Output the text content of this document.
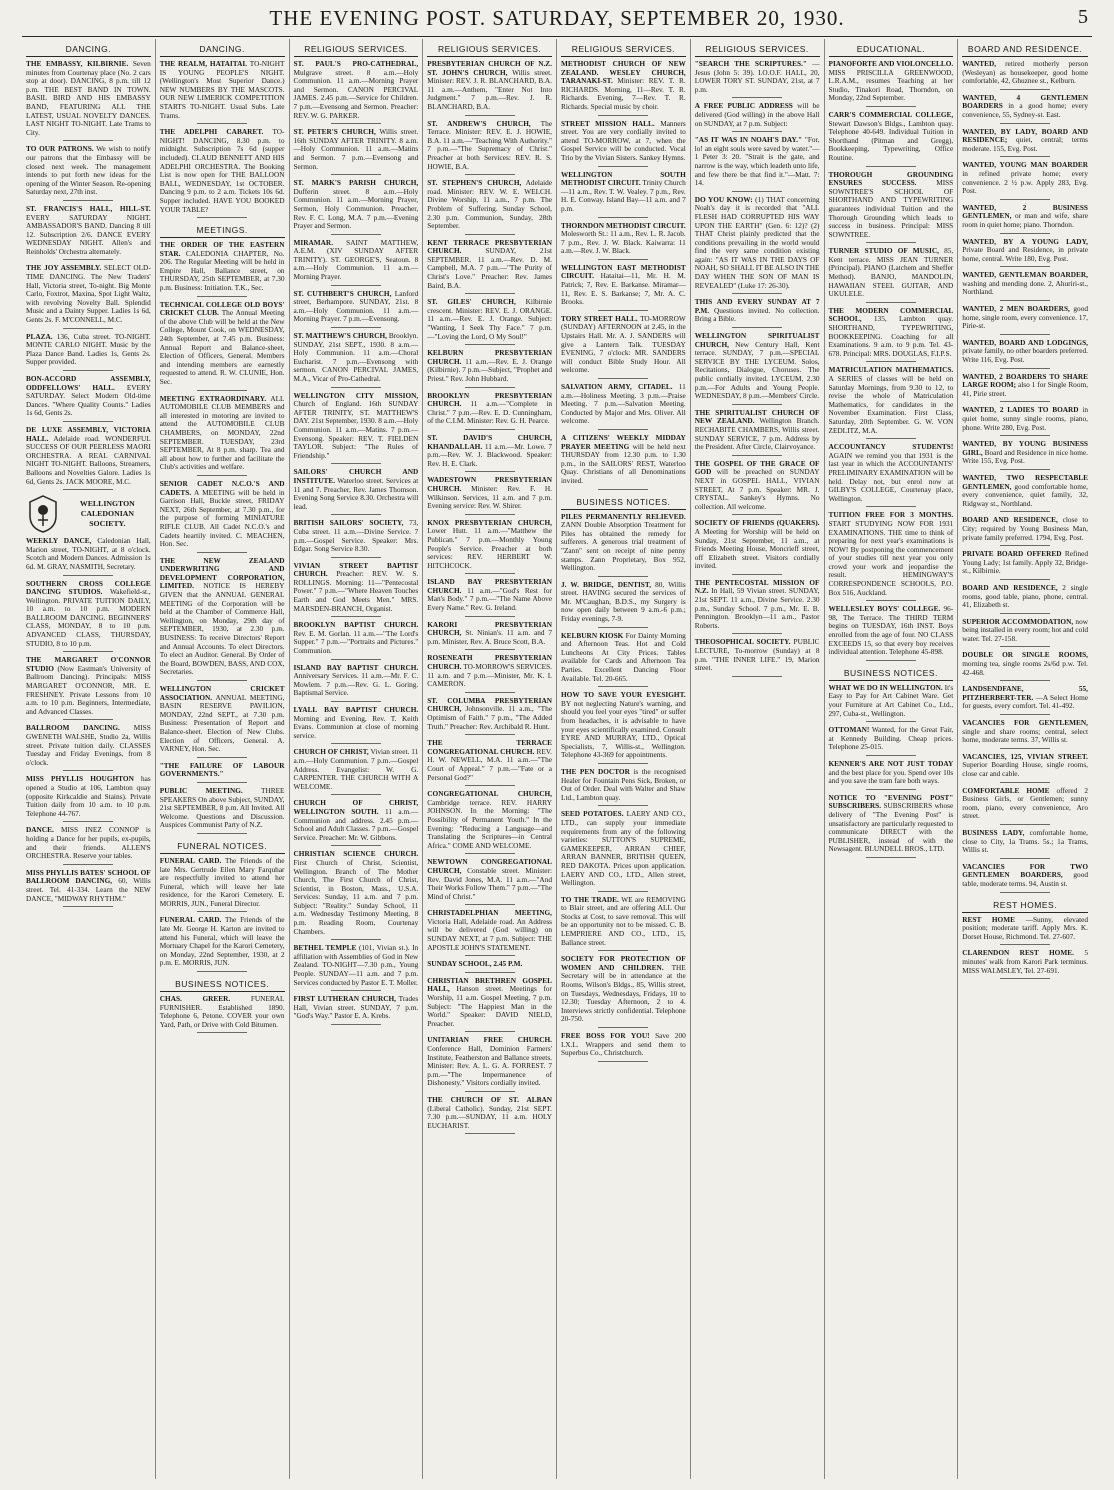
THE EVENING POST. SATURDAY, SEPTEMBER 20, 1930.	5
DANCING.
THE EMBASSY, KILBIRNIE. Seven minutes from Courtenay place (No. 2 cars stop at door). DANCING, 8 p.m. till 12 p.m. THE BEST BAND IN TOWN. BASIL BIRD AND HIS EMBASSY BAND, FEATURING ALL THE LATEST, USUAL NOVELTY DANCES. LAST NIGHT TO-NIGHT. Late Trams to City.
TO OUR PATRONS. We wish to notify our patrons that the Embassy will be closed next week. The management intends to put forth new ideas for the opening of the Winter Season. Re-opening Saturday next, 27th inst.
ST. FRANCIS'S HALL, HILL-ST. EVERY SATURDAY NIGHT. AMBASSADOR'S BAND. Dancing 8 till 12. Subscription 2/6. DANCE EVERY WEDNESDAY NIGHT. Allen's and Reinholds' Orchestra alternately.
THE JOY ASSEMBLY. SELECT OLD-TIME DANCING. The New Traders' Hall, Victoria street, To-night. Big Monte Carlo, Foxtrot, Maxina, Spot Light Waltz, with revolving Novelty Ball. Splendid Music and a Dainty Supper. Ladies 1s 6d, Gents 2s. F. M'CONNELL, M.C.
PLAZA. 136, Cuba street. TO-NIGHT. MONTE CARLO NIGHT. Music by the Plaza Dance Band. Ladies 1s, Gents 2s. Supper provided.
BON-ACCORD ASSEMBLY, ODDFELLOWS' HALL. EVERY SATURDAY. Select Modern Old-time Dances. "Where Quality Counts." Ladies 1s 6d, Gents 2s.
DE LUXE ASSEMBLY, VICTORIA HALL. Adelaide road. WONDERFUL SUCCESS OF OUR PEERLESS MAORI ORCHESTRA. A REAL CARNIVAL NIGHT TO-NIGHT. Balloons, Streamers, Balloons and Novelties Galore. Ladies 1s 6d, Gents 2s. JACK MOORE, M.C.
WELLINGTON CALEDONIAN SOCIETY.
WEEKLY DANCE, Caledonian Hall, Marion street, TO-NIGHT, at 8 o'clock. Scotch and Modern Dances. Admission 1s 6d. M. GRAY, NASMITH, Secretary.
SOUTHERN CROSS COLLEGE DANCING STUDIOS. Wakefield-st., Wellington. PRIVATE TUITION DAILY, 10 a.m. to 10 p.m. MODERN BALLROOM DANCING. BEGINNERS' CLASS, MONDAY, 8 to 10 p.m. ADVANCED CLASS, THURSDAY, STUDIO, 8 to 10 p.m.
THE MARGARET O'CONNOR STUDIO (Now Eastman's University of Ballroom Dancing). Principals: MISS MARGARET O'CONNOR, MR. E. FRESHNEY. Private Lessons from 10 a.m. to 10 p.m. Beginners, Intermediate, and Advanced Classes.
BALLROOM DANCING. MISS GWENETH WALSHE, Studio 2a, Willis street. Private tuition daily. CLASSES Tuesday and Friday Evenings, from 8 o'clock.
MISS PHYLLIS HOUGHTON has opened a Studio at 106, Lambton quay (opposite Kirkcaldie and Stains). Private Tuition daily from 10 a.m. to 10 p.m. Telephone 44-767.
DANCE. MISS INEZ CONNOP is holding a Dance for her pupils, ex-pupils, and their friends. ALLEN'S ORCHESTRA. Reserve your tables.
MISS PHYLLIS BATES' SCHOOL OF BALLROOM DANCING, 60, Willis street. Tel. 41-334. Learn the NEW DANCE, "MIDWAY RHYTHM."
DANCING.
THE REALM, HATAITAI. TO-NIGHT IS YOUNG PEOPLE'S NIGHT. (Wellington's Most Superior Dance.) NEW NUMBERS BY THE MASCOTS. OUR NEW LIMERICK COMPETITION STARTS TO-NIGHT. Usual Subs. Late Trams.
THE ADELPHI CABARET. TO-NIGHT! DANCING, 8.30 p.m. to midnight. Subscription 7s 6d (supper included). CLAUD BENNETT AND HIS ADELPHI ORCHESTRA. The Booking List is now open for THE BALLOON BALL, WEDNESDAY, 1st OCTOBER. Dancing 9 p.m. to 2 a.m. Tickets 10s 6d. Supper included. HAVE YOU BOOKED YOUR TABLE?
MEETINGS.
THE ORDER OF THE EASTERN STAR. CALEDONIA CHAPTER, No. 206. The Regular Meeting will be held in Empire Hall, Ballance street, on THURSDAY, 25th SEPTEMBER, at 7.30 p.m. Business: Initiation. T.K., Sec.
TECHNICAL COLLEGE OLD BOYS' CRICKET CLUB. The Annual Meeting of the above Club will be held at the New College, Mount Cook, on WEDNESDAY, 24th September, at 7.45 p.m. Business: Annual Report and Balance-sheet, Election of Officers, General. Members and intending members are earnestly requested to attend. R. W. CLUNIE, Hon. Sec.
MEETING EXTRAORDINARY. ALL AUTOMOBILE CLUB MEMBERS and all interested in motoring are invited to attend the AUTOMOBILE CLUB CHAMBERS, on MONDAY, 22nd SEPTEMBER. TUESDAY, 23rd SEPTEMBER, At 8 p.m. sharp. Tea and all about how to further and facilitate the Club's activities and welfare.
SENIOR CADET N.C.O.'S AND CADETS. A MEETING will be held in Garrison Hall, Buckle street, FRIDAY NEXT, 26th September, at 7.30 p.m., for the purpose of forming MINIATURE RIFLE CLUB. All Cadet N.C.O.'s and Cadets heartily invited. C. MEACHEN, Hon. Sec.
THE NEW ZEALAND UNDERWRITING AND DEVELOPMENT CORPORATION, LIMITED. NOTICE IS HEREBY GIVEN that the ANNUAL GENERAL MEETING of the Corporation will be held at the Chamber of Commerce Hall, Wellington, on Monday, 29th day of SEPTEMBER, 1930, at 2.30 p.m. BUSINESS: To receive Directors' Report and Annual Accounts. To elect Directors. To elect an Auditor. General. By Order of the Board, BOWDEN, BASS, AND COX, Secretaries.
WELLINGTON CRICKET ASSOCIATION. ANNUAL MEETING, BASIN RESERVE PAVILION, MONDAY, 22nd SEPT., at 7.30 p.m. Business: Presentation of Report and Balance-sheet. Election of New Clubs. Election of Officers, General. A. VARNEY, Hon. Sec.
"THE FAILURE OF LABOUR GOVERNMENTS."
PUBLIC MEETING. THREE SPEAKERS On above Subject, SUNDAY, 21st SEPTEMBER, 8 p.m. All Invited. All Welcome. Questions and Discussion. Auspices Communist Party of N.Z.
FUNERAL NOTICES.
FUNERAL CARD. The Friends of the late Mrs. Gertrude Ellen Mary Farquhar are respectfully invited to attend her Funeral, which will leave her late residence, for the Karori Cemetery. E. MORRIS, JUN., Funeral Director.
FUNERAL CARD. The Friends of the late Mr. George H. Karton are invited to attend his Funeral, which will leave the Mortuary Chapel for the Karori Cemetery, on Monday, 22nd September, 1930, at 2 p.m. E. MORRIS, JUN.
BUSINESS NOTICES.
CHAS. GREER.	FUNERAL FURNISHER. Established 1890. Telephone 6, Petone. COVER your own Yard, Path, or Drive with Cold Bitumen.
RELIGIOUS SERVICES.
ST. PAUL'S PRO-CATHEDRAL, Mulgrave street. 8 a.m.—Holy Communion. 11 a.m.—Morning Prayer and Sermon. CANON PERCIVAL JAMES. 2.45 p.m.—Service for Children. 7 p.m.—Evensong and Sermon. Preacher: REV. W. G. PARKER.
ST. PETER'S CHURCH, Willis street. 16th SUNDAY AFTER TRINITY. 8 a.m.—Holy Communion. 11 a.m.—Matins and Sermon. 7 p.m.—Evensong and Sermon.
ST. MARK'S PARISH CHURCH, Dufferin street. 8 a.m.—Holy Communion. 11 a.m.—Morning Prayer, Sermon, Holy Communion. Preacher, Rev. F. C. Long, M.A. 7 p.m.—Evening Prayer and Sermon.
MIRAMAR. SAINT MATTHEW, A.E.M. (XIV SUNDAY AFTER TRINITY). ST. GEORGE'S, Seatoun. 8 a.m.—Holy Communion. 11 a.m.—Morning Prayer.
ST. CUTHBERT'S CHURCH, Lanford street, Berhampore. SUNDAY, 21st. 8 a.m.—Holy Communion. 11 a.m.—Morning Prayer. 7 p.m.—Evensong.
ST. MATTHEW'S CHURCH, Brooklyn. SUNDAY, 21st SEPT., 1930. 8 a.m.—Holy Communion. 11 a.m.—Choral Eucharist. 7 p.m.—Evensong with sermon. CANON PERCIVAL JAMES, M.A., Vicar of Pro-Cathedral.
WELLINGTON CITY MISSION, Church of England. 16th SUNDAY AFTER TRINITY, ST. MATTHEW'S DAY. 21st September, 1930. 8 a.m.—Holy Communion. 11 a.m.—Matins. 7 p.m.—Evensong. Speaker: REV. T. FIELDEN TAYLOR. Subject: "The Rules of Friendship."
SAILORS' CHURCH AND INSTITUTE. Waterloo street. Services at 11 and 7. Preacher, Rev. James Thomson. Evening Song Service 8.30. Orchestra will lead.
BRITISH SAILORS' SOCIETY, 73, Cuba street. 11 a.m.—Divine Service. 7 p.m.—Gospel Service. Speaker: Mrs. Edgar. Song Service 8.30.
VIVIAN STREET BAPTIST CHURCH. Preacher: REV. W. S. ROLLINGS. Morning: 11—"Pentecostal Power." 7 p.m.—"Where Heaven Touches Earth and God Meets Men." MRS. MARSDEN-BRANCH, Organist.
BROOKLYN BAPTIST CHURCH. Rev. E. M. Gorlan. 11 a.m.—"The Lord's Supper." 7 p.m.—"Portraits and Pictures." Communion.
ISLAND BAY BAPTIST CHURCH. Anniversary Services. 11 a.m.—Mr. F. C. Mowlem. 7 p.m.—Rev. G. L. Goring. Baptismal Service.
LYALL BAY BAPTIST CHURCH. Morning and Evening, Rev. T. Keith Evans. Communion at close of morning service.
CHURCH OF CHRIST, Vivian street. 11 a.m.—Holy Communion. 7 p.m.—Gospel Address. Evangelist: W. G. CARPENTER. THE CHURCH WITH A WELCOME.
CHURCH OF CHRIST, WELLINGTON SOUTH. 11 a.m.—Communion and address. 2.45 p.m.—School and Adult Classes. 7 p.m.—Gospel Service. Preacher: Mr. W. Gibbons.
CHRISTIAN SCIENCE CHURCH. First Church of Christ, Scientist, Wellington. Branch of The Mother Church, The First Church of Christ, Scientist, in Boston, Mass., U.S.A. Services: Sunday, 11 a.m. and 7 p.m. Subject: "Reality." Sunday School, 11 a.m. Wednesday Testimony Meeting, 8 p.m. Reading Room, Courtenay Chambers.
BETHEL TEMPLE (101, Vivian st.). In affiliation with Assemblies of God in New Zealand. TO-NIGHT—7.30 p.m., Young People. SUNDAY—11 a.m. and 7 p.m. Services conducted by Pastor E. T. Moller.
FIRST LUTHERAN CHURCH, Trades Hall, Vivian street. SUNDAY, 7 p.m. "God's Way." Pastor E. A. Krebs.
RELIGIOUS SERVICES.
PRESBYTERIAN CHURCH OF N.Z. ST. JOHN'S CHURCH, Willis street. Minister: REV. J. R. BLANCHARD, B.A. 11 a.m.—Anthem, "Enter Not Into Judgment." 7 p.m.—Rev. J. R. BLANCHARD, B.A.
ST. ANDREW'S CHURCH, The Terrace. Minister: REV. E. J. HOWIE, B.A. 11 a.m.—"Teaching With Authority." 7 p.m.—"The Supremacy of Christ." Preacher at both Services: REV. R. S. HOWIE, B.A.
ST. STEPHEN'S CHURCH, Adelaide road. Minister: REV. W. E. WELCH. Divine Worship, 11 a.m., 7 p.m. The Problem of Suffering. Sunday School, 2.30 p.m. Communion, Sunday, 28th September.
KENT TERRACE PRESBYTERIAN CHURCH.	SUNDAY, 21st SEPTEMBER. 11 a.m.—Rev. D. M. Campbell, M.A. 7 p.m.—"The Purity of Christ's Love." Preacher: Rev. James Baird, B.A.
ST. GILES' CHURCH, Kilbirnie crescent. Minister: REV. E. J. ORANGE. 11 a.m.—Rev. E. J. Orange. Subject: "Wanting, I Seek Thy Face." 7 p.m.—"Loving the Lord, O My Soul!"
KELBURN PRESBYTERIAN CHURCH. 11 a.m.—Rev. E. J. Orange (Kilbirnie). 7 p.m.—Subject, "Prophet and Priest." Rev. John Hubbard.
BROOKLYN PRESBYTERIAN CHURCH. 11 a.m.—"Complete in Christ." 7 p.m.—Rev. E. D. Cunningham, of the C.I.M. Minister: Rev. G. H. Pearce.
ST. DAVID'S CHURCH, KHANDALLAH. 11 a.m.—Mr. Lowe. 7 p.m.—Rev. W. J. Blackwood. Speaker: Rev. H. E. Clark.
WADESTOWN PRESBYTERIAN CHURCH. Minister: Rev. F. H. Wilkinson. Services, 11 a.m. and 7 p.m. Evening service: Rev. W. Shirer.
KNOX PRESBYTERIAN CHURCH, Lower Hutt. 11 a.m.—"Matthew the Publican." 7 p.m.—Monthly Young People's Service. Preacher at both services: REV. HERBERT W. HITCHCOCK.
ISLAND BAY PRESBYTERIAN CHURCH. 11 a.m.—"God's Rest for Man's Body." 7 p.m.—"The Name Above Every Name." Rev. G. Ireland.
KARORI PRESBYTERIAN CHURCH, St. Ninian's. 11 a.m. and 7 p.m. Minister, Rev. A. Bruce Scott, B.A.
ROSENEATH PRESBYTERIAN CHURCH. TO-MORROW'S SERVICES. 11 a.m. and 7 p.m.—Minister, Mr. K. I. CAMERON.
ST. COLUMBA PRESBYTERIAN CHURCH, Johnsonville. 11 a.m., "The Optimism of Faith." 7 p.m., "The Added Truth." Preacher: Rev. Archibald R. Hunt.
THE TERRACE CONGREGATIONAL CHURCH. REV. H. W. NEWELL, M.A. 11 a.m.—"The Court of Appeal." 7 p.m.—"Fate or a Personal God?"
CONGREGATIONAL CHURCH, Cambridge terrace. REV. HARRY JOHNSON. In the Morning: "The Possibility of Permanent Youth." In the Evening: "Reducing a Language—and Translating the Scriptures—in Central Africa." COME AND WELCOME.
NEWTOWN CONGREGATIONAL CHURCH, Constable street. Minister: Rev. David Jones, M.A. 11 a.m.—"And Their Works Follow Them." 7 p.m.—"The Mind of Christ."
CHRISTADELPHIAN MEETING, Victoria Hall, Adelaide road. An Address will be delivered (God willing) on SUNDAY NEXT, at 7 p.m. Subject: THE APOSTLE JOHN'S STATEMENT.
SUNDAY SCHOOL, 2.45 P.M.
CHRISTIAN BRETHREN GOSPEL HALL, Hanson street. Meetings for Worship, 11 a.m. Gospel Meeting, 7 p.m. Subject: "The Happiest Man in the World." Speaker: DAVID NIELD, Preacher.
UNITARIAN FREE CHURCH. Conference Hall, Dominion Farmers' Institute, Featherston and Ballance streets. Minister: Rev. A. L. G. A. FORREST. 7 p.m.—"The Impermanence of Dishonesty." Visitors cordially invited.
THE CHURCH OF ST. ALBAN (Liberal Catholic). Sunday, 21st SEPT. 7.30 p.m.—SUNDAY, 11 a.m. HOLY EUCHARIST.
RELIGIOUS SERVICES.
METHODIST CHURCH OF NEW ZEALAND. WESLEY CHURCH, TARANAKI-ST. Minister: REV. T. R. RICHARDS. Morning, 11—Rev. T. R. Richards. Evening, 7—Rev. T. R. Richards. Special music by choir.
STREET MISSION HALL. Manners street. You are very cordially invited to attend TO-MORROW, at 7, when the Gospel Service will be conducted. Vocal Trio by the Vivian Sisters. Sankey Hymns.
WELLINGTON SOUTH METHODIST CIRCUIT. Trinity Church—11 a.m., Rev. T. W. Vealey. 7 p.m., Rev. H. E. Conway. Island Bay—11 a.m. and 7 p.m.
THORNDON METHODIST CIRCUIT. Molesworth St.: 11 a.m., Rev. L. R. Jacob. 7 p.m., Rev. J. W. Black. Kaiwarra: 11 a.m.—Rev. J. W. Black.
WELLINGTON EAST METHODIST CIRCUIT. Hataitai—11, Mr. H. M. Patrick; 7, Rev. E. Barkanse. Miramar—11, Rev. E. S. Barkanse; 7, Mr. A. C. Brooks.
TORY STREET HALL. TO-MORROW (SUNDAY) AFTERNOON at 2.45, in the Upstairs Hall. Mr. A. J. SANDERS will give a Lantern Talk. TUESDAY EVENING, 7 o'clock: MR. SANDERS will conduct Bible Study Hour. All welcome.
SALVATION ARMY, CITADEL. 11 a.m.—Holiness Meeting. 3 p.m.—Praise Meeting. 7 p.m.—Salvation Meeting. Conducted by Major and Mrs. Oliver. All welcome.
A CITIZENS' WEEKLY MIDDAY PRAYER MEETING will be held next THURSDAY from 12.30 p.m. to 1.30 p.m., in the SAILORS' REST, Waterloo Quay. Christians of all Denominations invited.
BUSINESS NOTICES.
PILES PERMANENTLY RELIEVED. ZANN Double Absorption Treatment for Piles has obtained the remedy for sufferers. A generous trial treatment of "Zann" sent on receipt of nine penny stamps. Zann Proprietary, Box 952, Wellington.
J. W. BRIDGE, DENTIST, 80, Willis street. HAVING secured the services of Mr. M'Caughan, B.D.S., my Surgery is now open daily between 9 a.m.-6 p.m.; Friday evenings, 7-9.
KELBURN KIOSK For Dainty Morning and Afternoon Teas. Hot and Cold Luncheons At City Prices. Tables available for Cards and Afternoon Tea Parties. Excellent Dancing Floor Available. Tel. 20-665.
HOW TO SAVE YOUR EYESIGHT. BY not neglecting Nature's warning, and should you feel your eyes "tired" or suffer from headaches, it is advisable to have your eyes scientifically examined. Consult EYRE AND MURRAY, LTD., Optical Specialists, 7, Willis-st., Wellington. Telephone 43-369 for appointments.
THE PEN DOCTOR is the recognised Healer for Fountain Pens Sick, Broken, or Out of Order. Deal with Walter and Shaw Ltd., Lambton quay.
SEED POTATOES. LAERY AND CO., LTD., can supply your immediate requirements from any of the following varieties: SUTTON'S SUPREME, GAMEKEEPER, ARRAN CHIEF, ARRAN BANNER, BRITISH QUEEN, RED DAKOTA. Prices upon application. LAERY AND CO., LTD., Allen street, Wellington.
TO THE TRADE. WE are REMOVING to Blair street, and are offering ALL Our Stocks at Cost, to save removal. This will be an opportunity not to be missed. C. B. LEMPRIERE AND CO., LTD., 15, Ballance street.
SOCIETY FOR PROTECTION OF WOMEN AND CHILDREN. THE Secretary will be in attendance at the Rooms, Wilson's Bldgs., 85, Willis street, on Tuesdays, Wednesdays, Fridays, 10 to 12.30; Tuesday Afternoon, 2 to 4. Interviews strictly confidential. Telephone 20-750.
FREE BOSS FOR YOU! Save 200 I.X.L. Wrappers and send them to Superbus Co., Christchurch.
RELIGIOUS SERVICES.
"SEARCH THE SCRIPTURES." —Jesus (John 5: 39). I.O.O.F. HALL, 20, LOWER TORY ST. SUNDAY, 21st, at 7 p.m.
A FREE PUBLIC ADDRESS will be delivered (God willing) in the above Hall on SUNDAY, at 7 p.m. Subject:
"AS IT WAS IN NOAH'S DAY." "For, lo! an eight souls were saved by water."—1 Peter 3: 20. "Strait is the gate, and narrow is the way, which leadeth unto life, and few there be that find it."—Matt. 7: 14.
DO YOU KNOW: (1) THAT concerning Noah's day it is recorded that "ALL FLESH HAD CORRUPTED HIS WAY UPON THE EARTH" (Gen. 6: 12)? (2) THAT Christ plainly predicted that the conditions prevailing in the world would find the very same condition existing again: "AS IT WAS IN THE DAYS OF NOAH, SO SHALL IT BE ALSO IN THE DAY WHEN THE SON OF MAN IS REVEALED" (Luke 17: 26-30).
THIS AND EVERY SUNDAY AT 7 P.M. Questions invited. No collection. Bring a Bible.
WELLINGTON SPIRITUALIST CHURCH, New Century Hall, Kent terrace. SUNDAY, 7 p.m.—SPECIAL SERVICE BY THE LYCEUM. Solos, Recitations, Dialogue, Choruses. The public cordially invited. LYCEUM, 2.30 p.m.—For Adults and Young People. WEDNESDAY, 8 p.m.—Members' Circle.
THE SPIRITUALIST CHURCH OF NEW ZEALAND. Wellington Branch. RECHABITE CHAMBERS, Willis street. SUNDAY SERVICE, 7 p.m. Address by the President. After Circle, Clairvoyance.
THE GOSPEL OF THE GRACE OF GOD will be preached on SUNDAY NEXT in GOSPEL HALL, VIVIAN STREET, At 7 p.m. Speaker: MR. J. CRYSTAL. Sankey's Hymns. No collection. All welcome.
SOCIETY OF FRIENDS (QUAKERS). A Meeting for Worship will be held on Sunday, 21st September, 11 a.m., at Friends Meeting House, Moncrieff street, off Elizabeth street. Visitors cordially invited.
THE PENTECOSTAL MISSION OF N.Z. In Hall, 59 Vivian street. SUNDAY, 21st SEPT. 11 a.m., Divine Service. 2.30 p.m., Sunday School. 7 p.m., Mr. E. B. Pennington. Brooklyn—11 a.m., Pastor Roberts.
THEOSOPHICAL SOCIETY. PUBLIC LECTURE, To-morrow (Sunday) at 8 p.m. "THE INNER LIFE." 19, Marion street.
EDUCATIONAL.
PIANOFORTE AND VIOLONCELLO. MISS PRISCILLA GREENWOOD, L.R.A.M., resumes Teaching at her Studio, Tinakori Road, Thorndon, on Monday, 22nd September.
CARR'S COMMERCIAL COLLEGE, Stewart Dawson's Bldgs., Lambton quay. Telephone 40-649. Individual Tuition in Shorthand (Pitman and Gregg), Bookkeeping, Typewriting, Office Routine.
THOROUGH GROUNDING ENSURES SUCCESS.	MISS SOWNTREE'S SCHOOL OF SHORTHAND AND TYPEWRITING guarantees individual Tuition and the Thorough Grounding which leads to success in business. Principal: MISS SOWNTREE.
TURNER STUDIO OF MUSIC, 85, Kent terrace. MISS JEAN TURNER (Principal). PIANO (Latchem and Sheffer Method). BANJO, MANDOLIN, HAWAIIAN STEEL GUITAR, AND UKULELE.
THE MODERN COMMERCIAL SCHOOL, 135, Lambton quay. SHORTHAND, TYPEWRITING, BOOKKEEPING. Coaching for all Examinations. 9 a.m. to 9 p.m. Tel. 43-678. Principal: MRS. DOUGLAS, F.I.P.S.
MATRICULATION MATHEMATICS. A SERIES of classes will be held on Saturday Mornings, from 9.30 to 12, to revise the whole of Matriculation Mathematics, for candidates in the November Examination. First Class, Saturday, 20th September. G. W. VON ZEDLITZ, M.A.
ACCOUNTANCY STUDENTS! AGAIN we remind you that 1931 is the last year in which the ACCOUNTANTS' PRELIMINARY EXAMINATION will be held. Delay not, but enrol now at GILBY'S COLLEGE, Courtenay place, Wellington.
TUITION FREE FOR 3 MONTHS. START STUDYING NOW FOR 1931 EXAMINATIONS. THE time to think of preparing for next year's examinations is NOW! By postponing the commencement of your studies till next year you only crowd your work and jeopardise the result. HEMINGWAY'S CORRESPONDENCE SCHOOLS, P.O. Box 516, Auckland.
WELLESLEY BOYS' COLLEGE. 96-98, The Terrace. The THIRD TERM begins on TUESDAY, 16th INST. Boys enrolled from the age of four. NO CLASS EXCEEDS 15, so that every boy receives individual attention. Telephone 45-898.
BUSINESS NOTICES.
WHAT WE DO IN WELLINGTON. It's Easy to Pay for Art Cabinet Ware. Get your Furniture at Art Cabinet Co., Ltd., 297, Cuba-st., Wellington.
OTTOMAN! Wanted, for the Great Fair, at Kennedy Building. Cheap prices. Telephone 25-015.
KENNER'S ARE NOT JUST TODAY and the best place for you. Spend over 10s and you save the tram fare both ways.
NOTICE TO "EVENING POST" SUBSCRIBERS. SUBSCRIBERS whose delivery of "The Evening Post" is unsatisfactory are particularly requested to communicate DIRECT with the PUBLISHER, instead of with the Newsagent. BLUNDELL BROS., LTD.
BOARD AND RESIDENCE.
WANTED, retired motherly person (Wesleyan) as housekeeper, good home comfortable, 42, Ghuznee st., Kelburn.
WANTED, 4 GENTLEMEN BOARDERS in a good home; every convenience, 55, Sydney-st. East.
WANTED, BY LADY, BOARD AND RESIDENCE; quiet, central; terms moderate. 155, Evg. Post.
WANTED, YOUNG MAN BOARDER in refined private home; every convenience. 2 ½ p.w. Apply 283, Evg. Post.
WANTED, 2 BUSINESS GENTLEMEN, or man and wife, share room in quiet home; piano. Thorndon.
WANTED, BY A YOUNG LADY, Private Board and Residence, in private home, central. Write 180, Evg. Post.
WANTED, GENTLEMAN BOARDER, washing and mending done. 2, Ahuriri-st., Northland.
WANTED, 2 MEN BOARDERS, good home, single room, every convenience. 17, Pirie-st.
WANTED, BOARD AND LODGINGS, private family, no other boarders preferred. Write 116, Evg. Post.
WANTED, 2 BOARDERS TO SHARE LARGE ROOM; also 1 for Single Room, 41, Pirie street.
WANTED, 2 LADIES TO BOARD in quiet home, sunny single rooms, piano, phone. Write 280, Evg. Post.
WANTED, BY YOUNG BUSINESS GIRL, Board and Residence in nice home. Write 155, Evg. Post.
WANTED, TWO RESPECTABLE GENTLEMEN, good comfortable home, every convenience, quiet family, 32, Ridgway st., Northland.
BOARD AND RESIDENCE, close to City; required by Young Business Man, private family preferred. 1794, Evg. Post.
PRIVATE BOARD OFFERED Refined Young Lady; 1st family. Apply 32, Bridge-st., Kilbirnie.
BOARD AND RESIDENCE, 2 single rooms, good table, piano, phone, central. 41, Elizabeth st.
SUPERIOR ACCOMMODATION, now being installed in every room; hot and cold water. Tel. 27-158.
DOUBLE OR SINGLE ROOMS, morning tea, single rooms 2s/6d p.w. Tel. 42-468.
LANDSENDFANE, 55, PITZHERBERT-TER. —A Select Home for guests, every comfort. Tel. 41-492.
VACANCIES FOR GENTLEMEN, single and share rooms; central, select home, moderate terms. 37, Willis st.
VACANCIES, 125, VIVIAN STREET. Superior Boarding House, single rooms, close car and cable.
COMFORTABLE HOME offered 2 Business Girls, or Gentlemen; sunny room, piano, every convenience, Aro street.
BUSINESS LADY, comfortable home, close to City, 1a Trams. 5s.; 1a Trams, Willis st.
VACANCIES FOR TWO GENTLEMEN BOARDERS, good table, moderate terms. 94, Austin st.
REST HOMES.
REST HOME —Sunny, elevated position; moderate tariff. Apply Mrs. K. Dorset House, Richmond. Tel. 27-607.
CLARENDON REST HOME. 5 minutes' walk from Karori Park terminus. MISS WALMSLEY, Tel. 27-691.
